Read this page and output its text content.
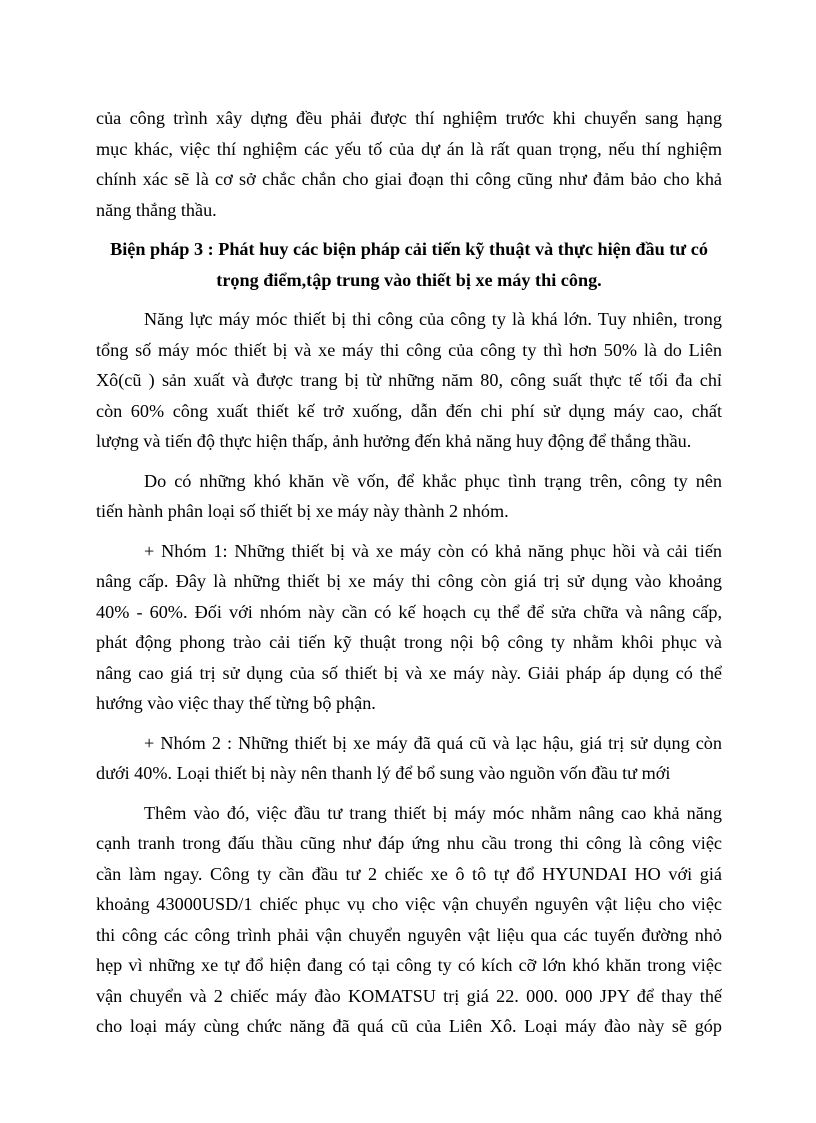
của công trình xây dựng đều phải được thí nghiệm trước khi chuyển sang hạng
mục khác, việc thí nghiệm các yếu tố của dự án là rất quan trọng, nếu thí nghiệm
chính xác sẽ là cơ sở chắc chắn cho giai đoạn thi công cũng như đảm bảo cho khả
năng thắng thầu.
Biện pháp 3 : Phát huy các biện pháp cải tiến kỹ thuật và thực hiện đầu tư có
trọng điểm,tập trung vào thiết bị xe máy thi công.
Năng lực máy móc thiết bị thi công của công ty là khá lớn. Tuy nhiên, trong
tổng số máy móc thiết bị và xe máy thi công của công ty thì hơn 50% là do Liên
Xô(cũ ) sản xuất và được trang bị từ những năm 80, công suất thực tế tối đa chỉ
còn 60% công xuất thiết kế trở xuống, dẫn đến chi phí sử dụng máy cao, chất
lượng và tiến độ thực hiện thấp, ảnh hưởng đến khả năng huy động để thắng thầu.
Do có những khó khăn về vốn, để khắc phục tình trạng trên, công ty nên
tiến hành phân loại số thiết bị xe máy này thành 2 nhóm.
+ Nhóm 1: Những thiết bị và xe máy còn có khả năng phục hồi và cải tiến
nâng cấp. Đây là những thiết bị xe máy thi công còn giá trị sử dụng vào khoảng
40% - 60%. Đối với nhóm này cần có kế hoạch cụ thể để sửa chữa và nâng cấp,
phát động phong trào cải tiến kỹ thuật trong nội bộ công ty nhằm khôi phục và
nâng cao giá trị sử dụng của số thiết bị và xe máy này. Giải pháp áp dụng có thể
hướng vào việc thay thế từng bộ phận.
+ Nhóm 2 : Những thiết bị xe máy đã quá cũ và lạc hậu, giá trị sử dụng còn
dưới 40%. Loại thiết bị này nên thanh lý để bổ sung vào nguồn vốn đầu tư mới
Thêm vào đó, việc đầu tư trang thiết bị máy móc nhằm nâng cao khả năng
cạnh tranh trong đấu thầu cũng như đáp ứng nhu cầu trong thi công là công việc
cần làm ngay. Công ty cần đầu tư 2 chiếc xe ô tô tự đổ HYUNDAI HO với giá
khoảng 43000USD/1 chiếc phục vụ cho việc vận chuyển nguyên vật liệu cho việc
thi công các công trình phải vận chuyển nguyên vật liệu qua các tuyến đường nhỏ
hẹp vì những xe tự đổ hiện đang có tại công ty có kích cỡ lớn khó khăn trong việc
vận chuyển và 2 chiếc máy đào KOMATSU trị giá 22. 000. 000 JPY để thay thế
cho loại máy cùng chức năng đã quá cũ của Liên Xô. Loại máy đào này sẽ góp
